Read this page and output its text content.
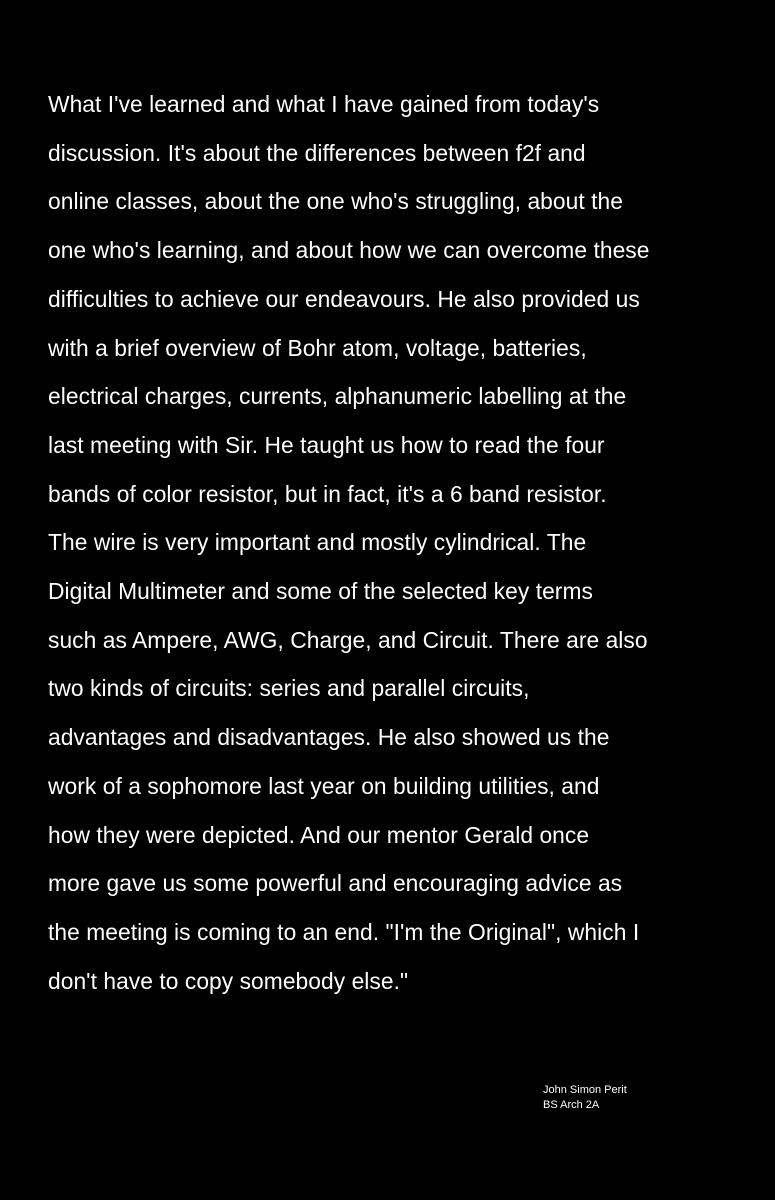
What I've learned and what I have gained from today's
discussion. It's about the differences between f2f and
online classes, about the one who's struggling, about the
one who's learning, and about how we can overcome these
difficulties to achieve our endeavours. He also provided us
with a brief overview of Bohr atom, voltage, batteries,
electrical charges, currents, alphanumeric labelling at the
last meeting with Sir. He taught us how to read the four
bands of color resistor, but in fact, it's a 6 band resistor.
The wire is very important and mostly cylindrical. The
Digital Multimeter and some of the selected key terms
such as Ampere, AWG, Charge, and Circuit. There are also
two kinds of circuits: series and parallel circuits,
advantages and disadvantages. He also showed us the
work of a sophomore last year on building utilities, and
how they were depicted. And our mentor Gerald once
more gave us some powerful and encouraging advice as
the meeting is coming to an end. "I'm the Original", which I
don't have to copy somebody else."

John Simon Perit
BS Arch 2A
